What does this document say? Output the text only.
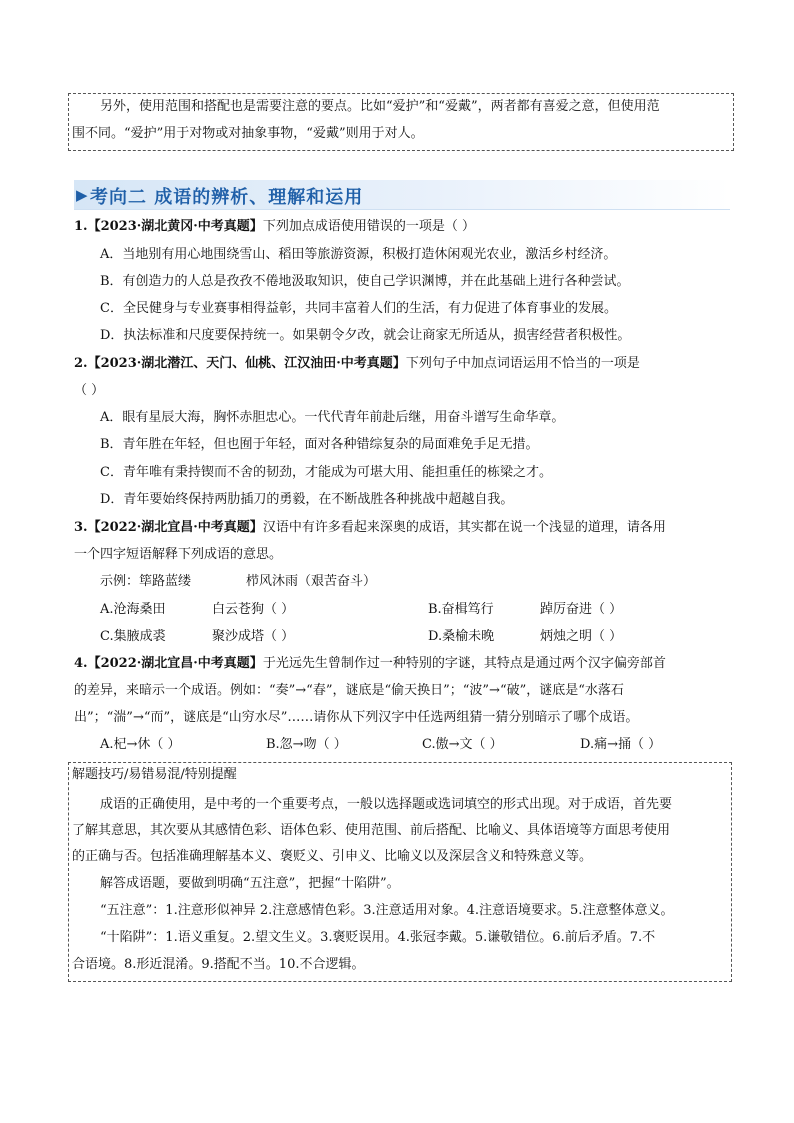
另外，使用范围和搭配也是需要注意的要点。比如“爱护”和“爱戴”，两者都有喜爱之意，但使用范
围不同。“爱护”用于对物或对抽象事物，“爱戴”则用于对人。
▶ 考向二 成语的辨析、理解和运用
1.【2023·湖北黄冈·中考真题】下列加点成语使用错误的一项是（ ）
A．当地别有用心地围绕雪山、稻田等旅游资源，积极打造休闲观光农业，激活乡村经济。
B．有创造力的人总是孜孜不倦地汲取知识，使自己学识渊博，并在此基础上进行各种尝试。
C．全民健身与专业赛事相得益彰，共同丰富着人们的生活，有力促进了体育事业的发展。
D．执法标准和尺度要保持统一。如果朝令夕改，就会让商家无所适从，损害经营者积极性。
2.【2023·湖北潜江、天门、仙桃、江汉油田·中考真题】下列句子中加点词语运用不恰当的一项是
（ ）
A．眼有星辰大海，胸怀赤胆忠心。一代代青年前赴后继，用奋斗谱写生命华章。
B．青年胜在年轻，但也囿于年轻，面对各种错综复杂的局面难免手足无措。
C．青年唯有秉持锲而不舍的韧劲，才能成为可堪大用、能担重任的栋梁之才。
D．青年要始终保持两肋插刀的勇毅，在不断战胜各种挑战中超越自我。
3.【2022·湖北宜昌·中考真题】汉语中有许多看起来深奥的成语，其实都在说一个浅显的道理，请各用
一个四字短语解释下列成语的意思。
示例：筚路蓝缕	栉风沐雨（艰苦奋斗）
A.沧海桑田	白云苍狗（ ）	B.奋楫笃行	踔厉奋进（ ）
C.集腋成裘	聚沙成塔（ ）	D.桑榆未晚	炳烛之明（ ）
4.【2022·湖北宜昌·中考真题】于光远先生曾制作过一种特别的字谜，其特点是通过两个汉字偏旁部首
的差异，来暗示一个成语。例如：“奏”→“春”，谜底是“偷天换日”；“波”→“破”，谜底是“水落石
出”；“湍”→“而”，谜底是“山穷水尽”……请你从下列汉字中任选两组猜一猜分别暗示了哪个成语。
A.杞→休（ ）	B.忽→吻（ ）	C.傲→文（ ）	D.痛→捅（ ）
解题技巧/易错易混/特别提醒
成语的正确使用，是中考的一个重要考点，一般以选择题或选词填空的形式出现。对于成语，首先要
了解其意思，其次要从其感情色彩、语体色彩、使用范围、前后搭配、比喻义、具体语境等方面思考使用
的正确与否。包括准确理解基本义、褒贬义、引申义、比喻义以及深层含义和特殊意义等。
解答成语题，要做到明确“五注意”，把握“十陷阱”。
“五注意”：1.注意形似神异 2.注意感情色彩。3.注意适用对象。4.注意语境要求。5.注意整体意义。
“十陷阱”：1.语义重复。2.望文生义。3.褒贬误用。4.张冠李戴。5.谦敬错位。6.前后矛盾。7.不
合语境。8.形近混淆。9.搭配不当。10.不合逻辑。
